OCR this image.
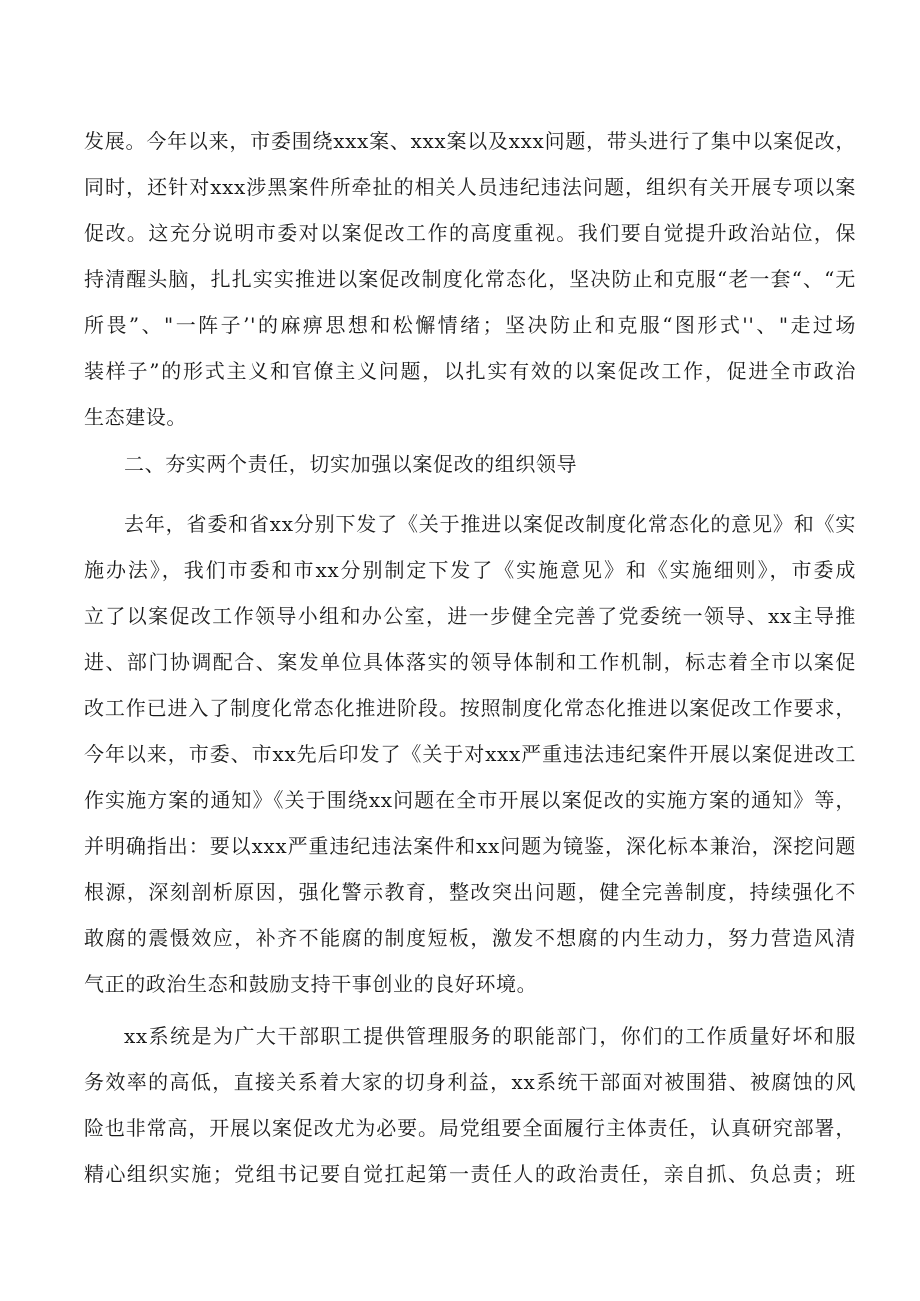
发展。今年以来，市委围绕xxx案、xxx案以及xxx问题，带头进行了集中以案促改，
同时，还针对xxx涉黑案件所牵扯的相关人员违纪违法问题，组织有关开展专项以案
促改。这充分说明市委对以案促改工作的高度重视。我们要自觉提升政治站位，保
持清醒头脑，扎扎实实推进以案促改制度化常态化，坚决防止和克服“老一套“、“无
所畏”、"一阵子’'的麻痹思想和松懈情绪；坚决防止和克服“图形式''、"走过场
装样子”的形式主义和官僚主义问题，以扎实有效的以案促改工作，促进全市政治
生态建设。
二、夯实两个责任，切实加强以案促改的组织领导
去年，省委和省xx分别下发了《关于推进以案促改制度化常态化的意见》和《实
施办法》，我们市委和市xx分别制定下发了《实施意见》和《实施细则》，市委成
立了以案促改工作领导小组和办公室，进一步健全完善了党委统一领导、xx主导推
进、部门协调配合、案发单位具体落实的领导体制和工作机制，标志着全市以案促
改工作已进入了制度化常态化推进阶段。按照制度化常态化推进以案促改工作要求，
今年以来，市委、市xx先后印发了《关于对xxx严重违法违纪案件开展以案促进改工
作实施方案的通知》《关于围绕xx问题在全市开展以案促改的实施方案的通知》等，
并明确指出：要以xxx严重违纪违法案件和xx问题为镜鉴，深化标本兼治，深挖问题
根源，深刻剖析原因，强化警示教育，整改突出问题，健全完善制度，持续强化不
敢腐的震慑效应，补齐不能腐的制度短板，激发不想腐的内生动力，努力营造风清
气正的政治生态和鼓励支持干事创业的良好环境。
xx系统是为广大干部职工提供管理服务的职能部门，你们的工作质量好坏和服
务效率的高低，直接关系着大家的切身利益，xx系统干部面对被围猎、被腐蚀的风
险也非常高，开展以案促改尤为必要。局党组要全面履行主体责任，认真研究部署，
精心组织实施；党组书记要自觉扛起第一责任人的政治责任，亲自抓、负总责；班
